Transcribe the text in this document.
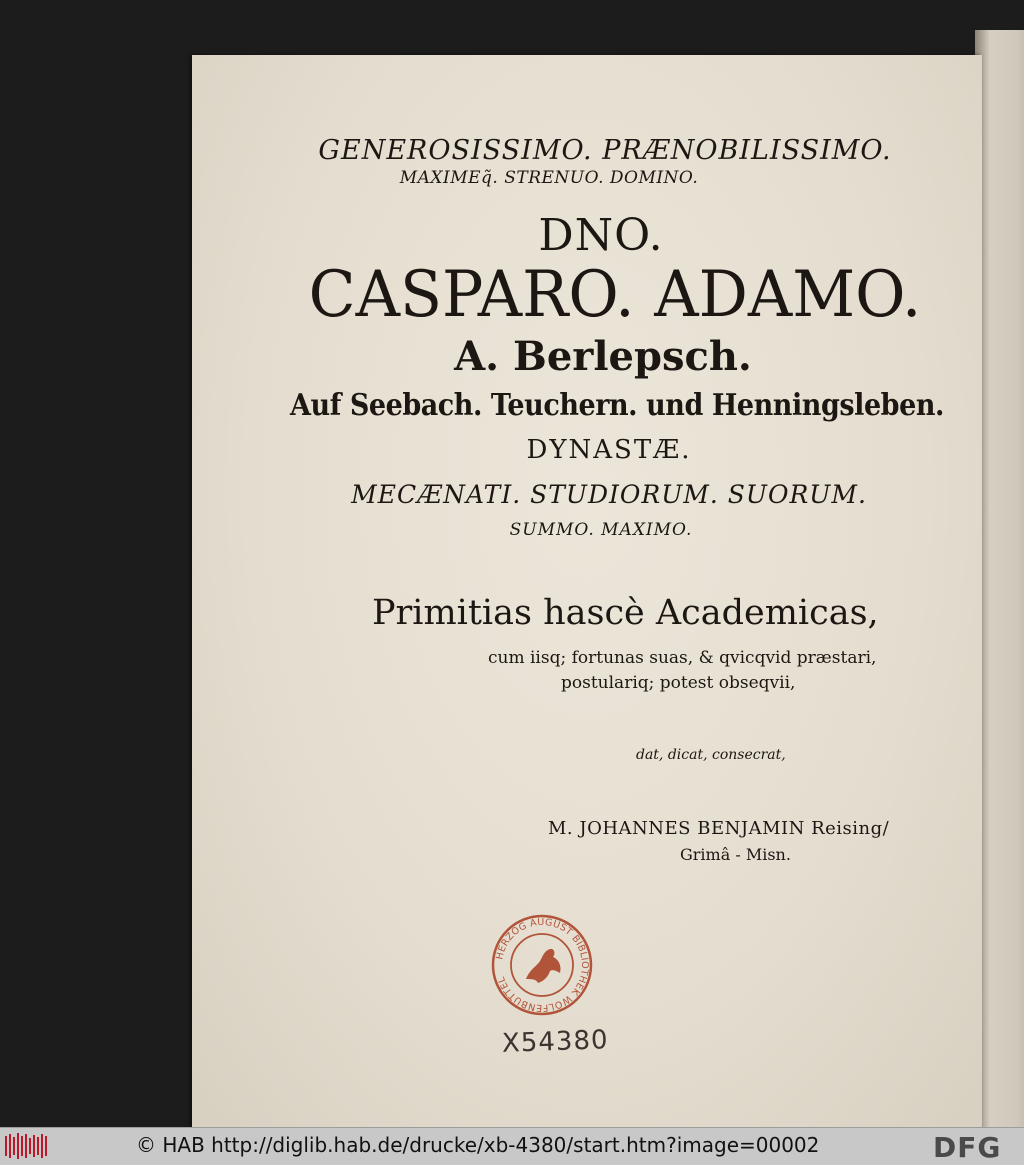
GENEROSISSIMO. PRÆNOBILISSIMO.
MAXIMEq̃. STRENUO. DOMINO.
DNO.
CASPARO. ADAMO.
A. Berlepsch.
Auf Seebach. Teuchern. und Henningsleben.
DYNASTÆ.
MECÆNATI. STUDIORUM. SUORUM.
SUMMO. MAXIMO.
Primitias hascè Academicas,
cum iisq; fortunas suas, & qvicqvid præstari,
postulariq; potest obseqvii,
dat, dicat, consecrat,
M. JOHANNES BENJAMIN Reising/
Grimâ - Misn.
HERZOG AUGUST BIBLIOTHEK WOLFENBÜTTEL
X54380
© HAB http://diglib.hab.de/drucke/xb-4380/start.htm?image=00002	DFG
